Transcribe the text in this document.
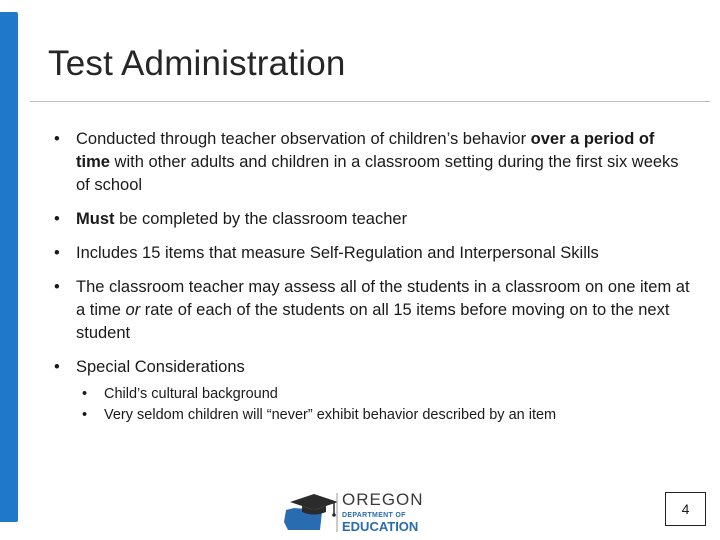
Test Administration
• Conducted through teacher observation of children’s behavior over a period of time with other adults and children in a classroom setting during the first six weeks of school
• Must be completed by the classroom teacher
• Includes 15 items that measure Self-Regulation and Interpersonal Skills
• The classroom teacher may assess all of the students in a classroom on one item at a time or rate of each of the students on all 15 items before moving on to the next student
• Special Considerations
• Child’s cultural background
• Very seldom children will “never” exhibit behavior described by an item
OREGON
DEPARTMENT OF
EDUCATION
4
